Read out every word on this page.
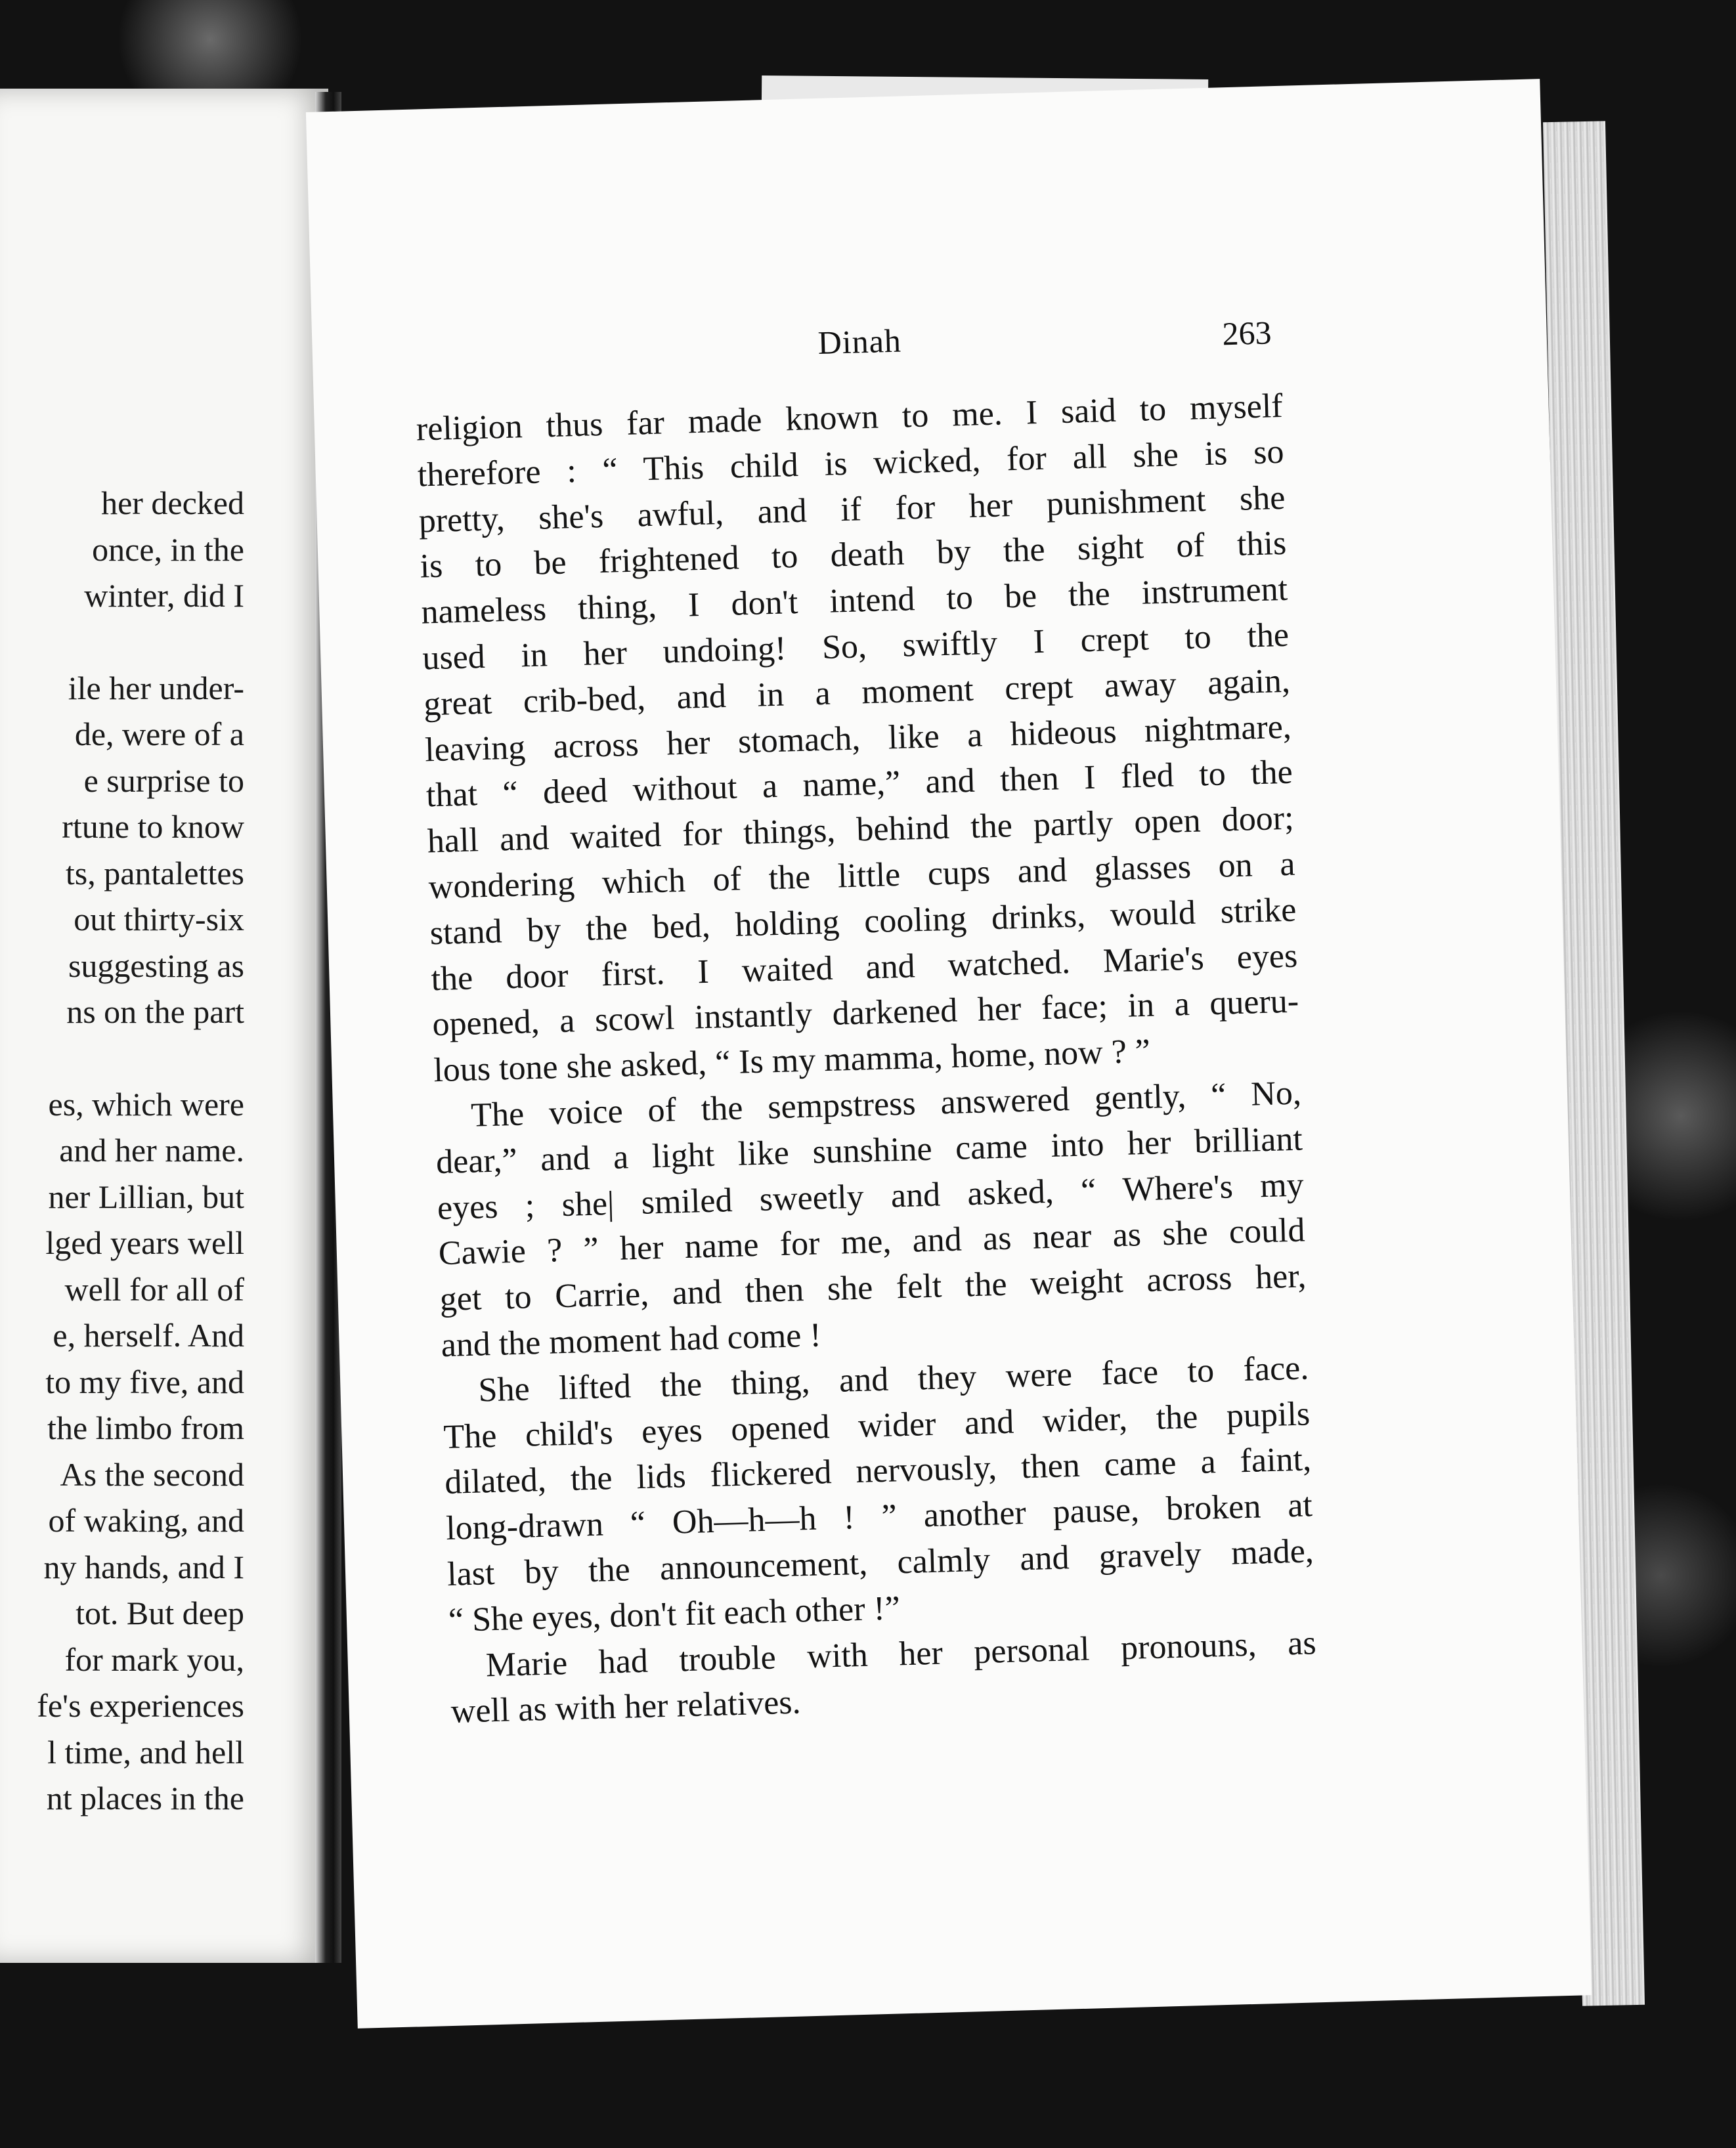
her decked
once, in the
winter, did I
ile her under-
de, were of a
e surprise to
rtune to know
ts, pantalettes
out thirty-six
suggesting as
ns on the part
es, which were
and her name.
ner Lillian, but
lged years well
well for all of
e, herself. And
to my five, and
the limbo from
As the second
of waking, and
ny hands, and I
tot. But deep
for mark you,
fe's experiences
l time, and hell
nt places in the
Dinah	263
religion thus far made known to me. I said to myself
therefore : “ This child is wicked, for all she is so
pretty, she's awful, and if for her punishment she
is to be frightened to death by the sight of this
nameless thing, I don't intend to be the instrument
used in her undoing! So, swiftly I crept to the
great crib-bed, and in a moment crept away again,
leaving across her stomach, like a hideous nightmare,
that “ deed without a name,” and then I fled to the
hall and waited for things, behind the partly open door;
wondering which of the little cups and glasses on a
stand by the bed, holding cooling drinks, would strike
the door first. I waited and watched. Marie's eyes
opened, a scowl instantly darkened her face; in a queru-
lous tone she asked, “ Is my mamma, home, now ? ”
The voice of the sempstress answered gently, “ No,
dear,” and a light like sunshine came into her brilliant
eyes ; she| smiled sweetly and asked, “ Where's my
Cawie ? ” her name for me, and as near as she could
get to Carrie, and then she felt the weight across her,
and the moment had come !
She lifted the thing, and they were face to face.
The child's eyes opened wider and wider, the pupils
dilated, the lids flickered nervously, then came a faint,
long-drawn “ Oh—h—h ! ” another pause, broken at
last by the announcement, calmly and gravely made,
“ She eyes, don't fit each other !”
Marie had trouble with her personal pronouns, as
well as with her relatives.
